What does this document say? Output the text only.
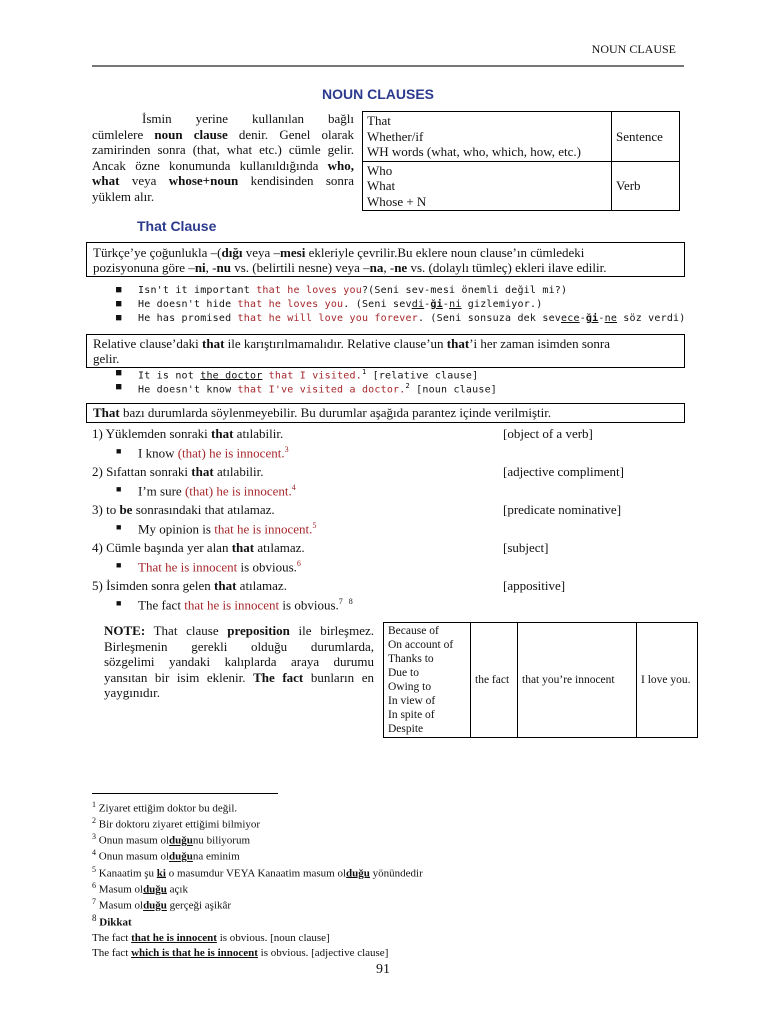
NOUN CLAUSE
NOUN CLAUSES
İsmin yerine kullanılan bağlı
cümlelere noun clause denir. Genel olarak
zamirinden sonra (that, what etc.) cümle gelir.
Ancak özne konumunda kullanıldığında who,
what veya whose+noun kendisinden sonra
yüklem alır.
That
Whether/if
WH words (what, who, which, how, etc.)	Sentence

Who
What
Whose + N	Verb
That Clause
Türkçe’ye çoğunlukla –(dığı veya –mesi ekleriyle çevrilir.Bu eklere noun clause’ın cümledeki
pozisyonuna göre –ni, -nu vs. (belirtili nesne) veya –na, -ne vs. (dolaylı tümleç) ekleri ilave edilir.
■ Isn't it important that he loves you?(Seni sev-mesi önemli değil mi?)
■ He doesn't hide that he loves you. (Seni sevdi-ği-ni gizlemiyor.)
■ He has promised that he will love you forever. (Seni sonsuza dek sevece-ği-ne söz verdi)
Relative clause’daki that ile karıştırılmamalıdır. Relative clause’un that’i her zaman isimden sonra
gelir.
■ It is not the doctor that I visited.$^1$ [relative clause]
■ He doesn't know that I've visited a doctor.$^2$ [noun clause]
That bazı durumlarda söylenmeyebilir. Bu durumlar aşağıda parantez içinde verilmiştir.
1) Yüklemden sonraki that atılabilir.	[object of a verb]
■ I know (that) he is innocent.$^3$
2) Sıfattan sonraki that atılabilir.	[adjective compliment]
■ I’m sure (that) he is innocent.$^4$
3) to be sonrasındaki that atılamaz.	[predicate nominative]
■ My opinion is that he is innocent.$^5$
4) Cümle başında yer alan that atılamaz.	[subject]
■ That he is innocent is obvious.$^6$
5) İsimden sonra gelen that atılamaz.	[appositive]
■ The fact that he is innocent is obvious.$^{7 8}$
NOTE: That clause preposition ile birleşmez.
Birleşmenin gerekli olduğu durumlarda,
sözgelimi yandaki kalıplarda araya durumu
yansıtan bir isim eklenir. The fact bunların en
yaygınıdır.
Because of
On account of
Thanks to
Due to
Owing to
In view of
In spite of
Despite
	the fact	that you’re innocent	I love you.
$^1$ Ziyaret ettiğim doktor bu değil.
$^2$ Bir doktoru ziyaret ettiğimi bilmiyor
$^3$ Onun masum olduğunu biliyorum
$^4$ Onun masum olduğuna eminim
$^5$ Kanaatim şu ki o masumdur VEYA Kanaatim masum olduğu yönündedir
$^6$ Masum olduğu açık
$^7$ Masum olduğu gerçeği aşikâr
$^8$ Dikkat
The fact that he is innocent is obvious. [noun clause]
The fact which is that he is innocent is obvious. [adjective clause]
91
